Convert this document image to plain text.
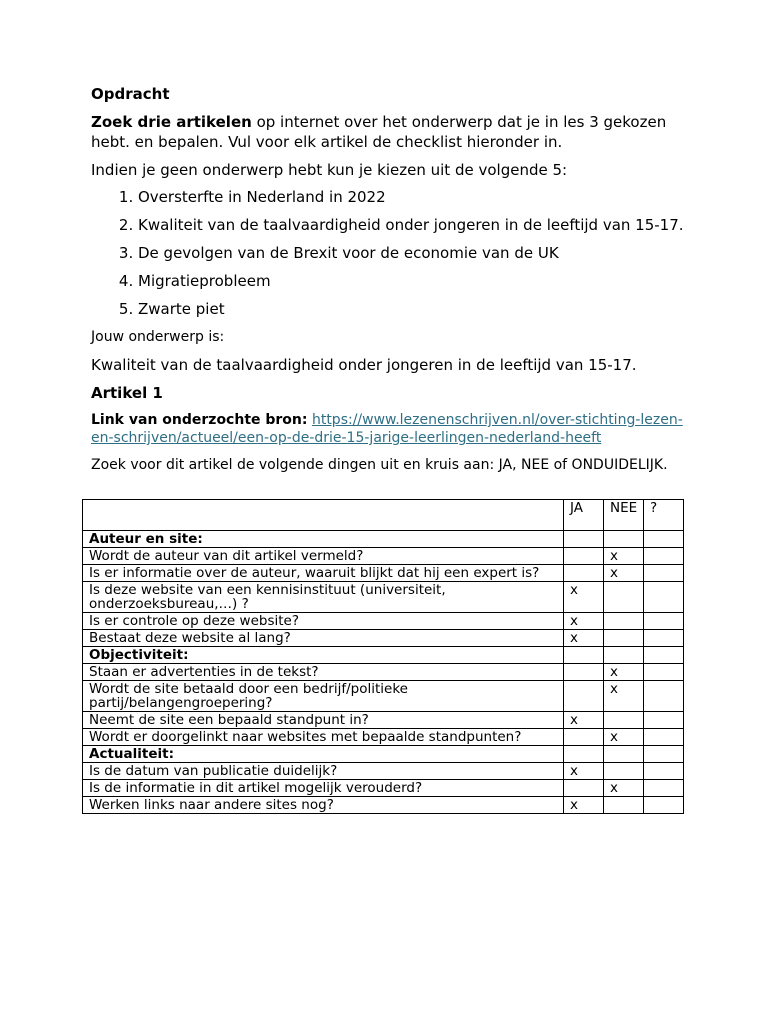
Opdracht

Zoek drie artikelen op internet over het onderwerp dat je in les 3 gekozen hebt. en bepalen. Vul voor elk artikel de checklist hieronder in.

Indien je geen onderwerp hebt kun je kiezen uit de volgende 5:

1. Oversterfte in Nederland in 2022
2. Kwaliteit van de taalvaardigheid onder jongeren in de leeftijd van 15-17.
3. De gevolgen van de Brexit voor de economie van de UK
4. Migratieprobleem
5. Zwarte piet

Jouw onderwerp is:

Kwaliteit van de taalvaardigheid onder jongeren in de leeftijd van 15-17.

Artikel 1

Link van onderzochte bron: https://www.lezenenschrijven.nl/over-stichting-lezen-en-schrijven/actueel/een-op-de-drie-15-jarige-leerlingen-nederland-heeft

Zoek voor dit artikel de volgende dingen uit en kruis aan: JA, NEE of ONDUIDELIJK.

	JA	NEE	?
Auteur en site:			
Wordt de auteur van dit artikel vermeld?		x	
Is er informatie over de auteur, waaruit blijkt dat hij een expert is?		x	
Is deze website van een kennisinstituut (universiteit, onderzoeksbureau,…) ?	x		
Is er controle op deze website?	x		
Bestaat deze website al lang?	x		
Objectiviteit:			
Staan er advertenties in de tekst?		x	
Wordt de site betaald door een bedrijf/politieke partij/belangengroepering?		x	
Neemt de site een bepaald standpunt in?	x		
Wordt er doorgelinkt naar websites met bepaalde standpunten?		x	
Actualiteit:			
Is de datum van publicatie duidelijk?	x		
Is de informatie in dit artikel mogelijk verouderd?		x	
Werken links naar andere sites nog?	x		
